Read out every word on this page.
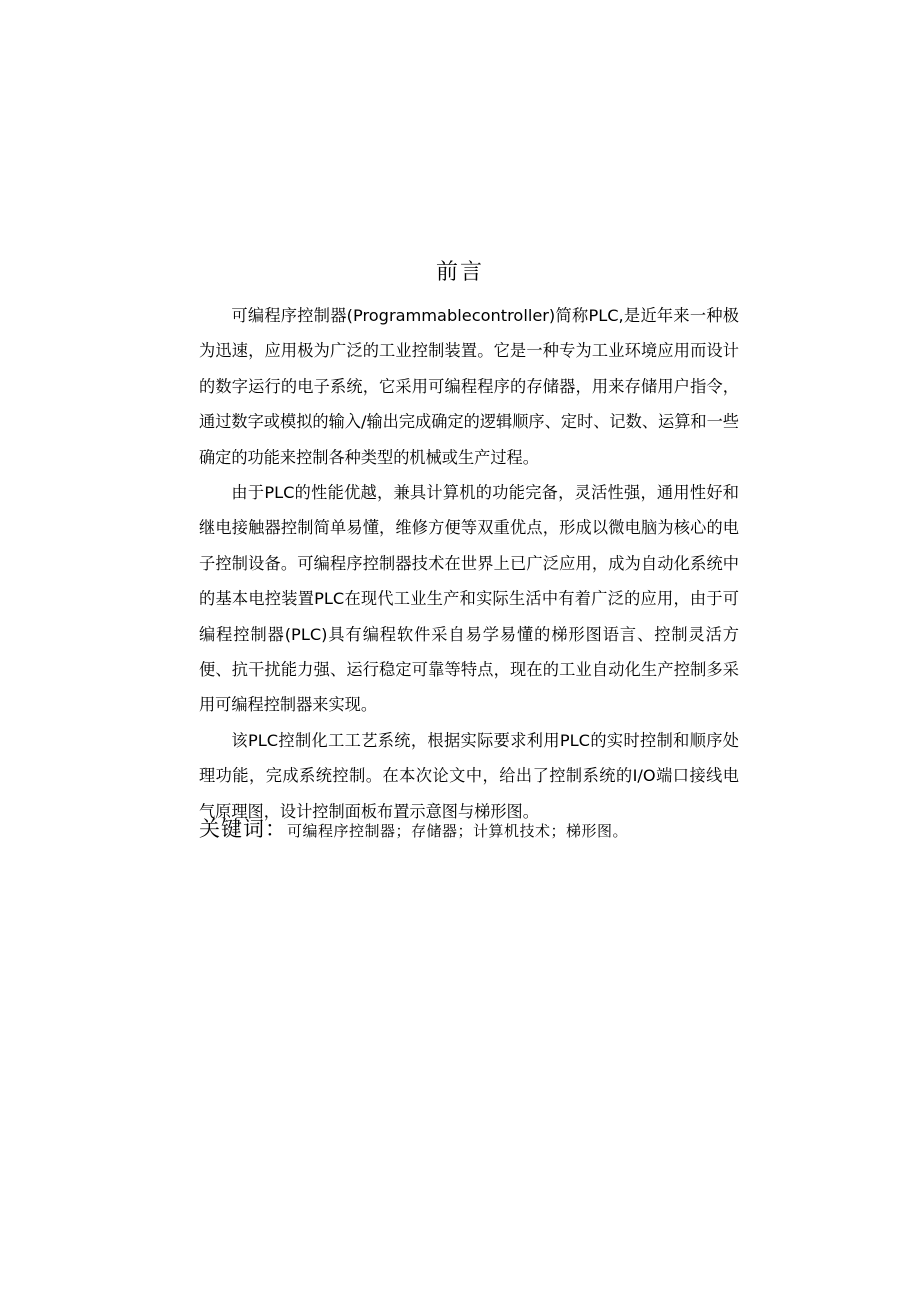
前言

可编程序控制器(Programmablecontroller)简称PLC,是近年来一种极为迅速，应用极为广泛的工业控制装置。它是一种专为工业环境应用而设计的数字运行的电子系统，它采用可编程程序的存储器，用来存储用户指令，通过数字或模拟的输入/输出完成确定的逻辑顺序、定时、记数、运算和一些确定的功能来控制各种类型的机械或生产过程。

由于PLC的性能优越，兼具计算机的功能完备，灵活性强，通用性好和继电接触器控制简单易懂，维修方便等双重优点，形成以微电脑为核心的电子控制设备。可编程序控制器技术在世界上已广泛应用，成为自动化系统中的基本电控装置PLC在现代工业生产和实际生活中有着广泛的应用，由于可编程控制器(PLC)具有编程软件采自易学易懂的梯形图语言、控制灵活方便、抗干扰能力强、运行稳定可靠等特点，现在的工业自动化生产控制多采用可编程控制器来实现。

该PLC控制化工工艺系统，根据实际要求利用PLC的实时控制和顺序处理功能，完成系统控制。在本次论文中，给出了控制系统的I/O端口接线电气原理图，设计控制面板布置示意图与梯形图。

关键词：可编程序控制器；存储器；计算机技术；梯形图。
